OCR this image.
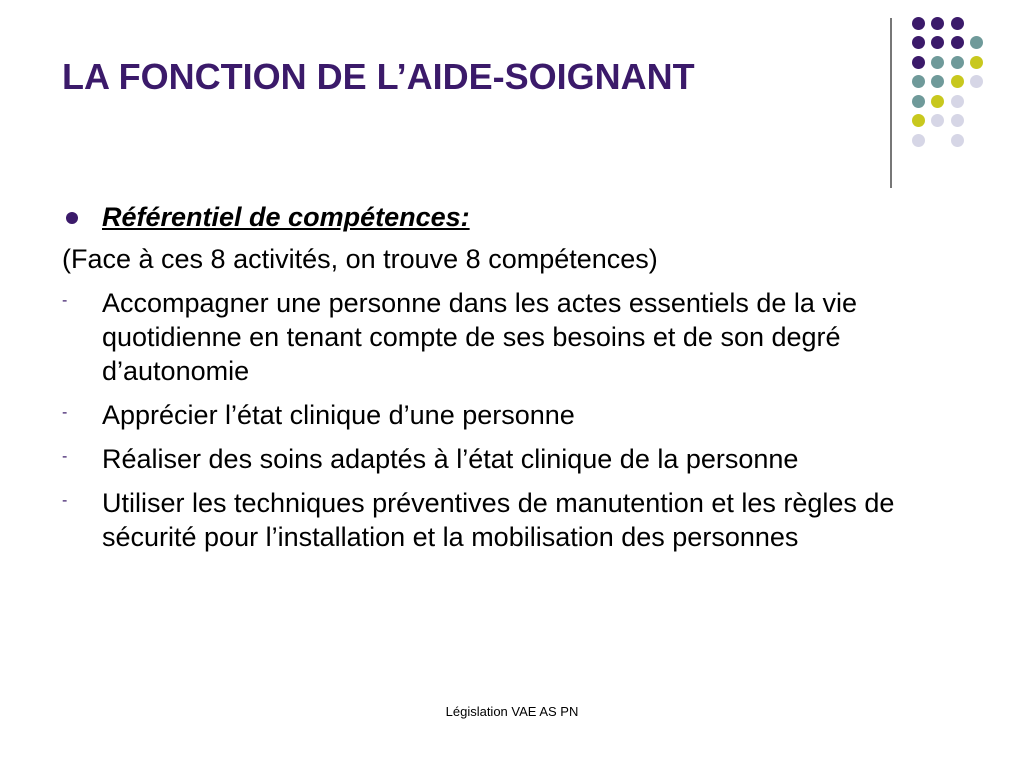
LA FONCTION DE L’AIDE-SOIGNANT
Référentiel de compétences:
(Face à ces 8 activités, on trouve 8 compétences)
- Accompagner une personne dans les actes essentiels de la vie quotidienne en tenant compte de ses besoins et de son degré d’autonomie
- Apprécier l’état clinique d’une personne
- Réaliser des soins adaptés à l’état clinique de la personne
- Utiliser les techniques préventives de manutention et les règles de sécurité pour l’installation et la mobilisation des personnes
Législation VAE AS PN
